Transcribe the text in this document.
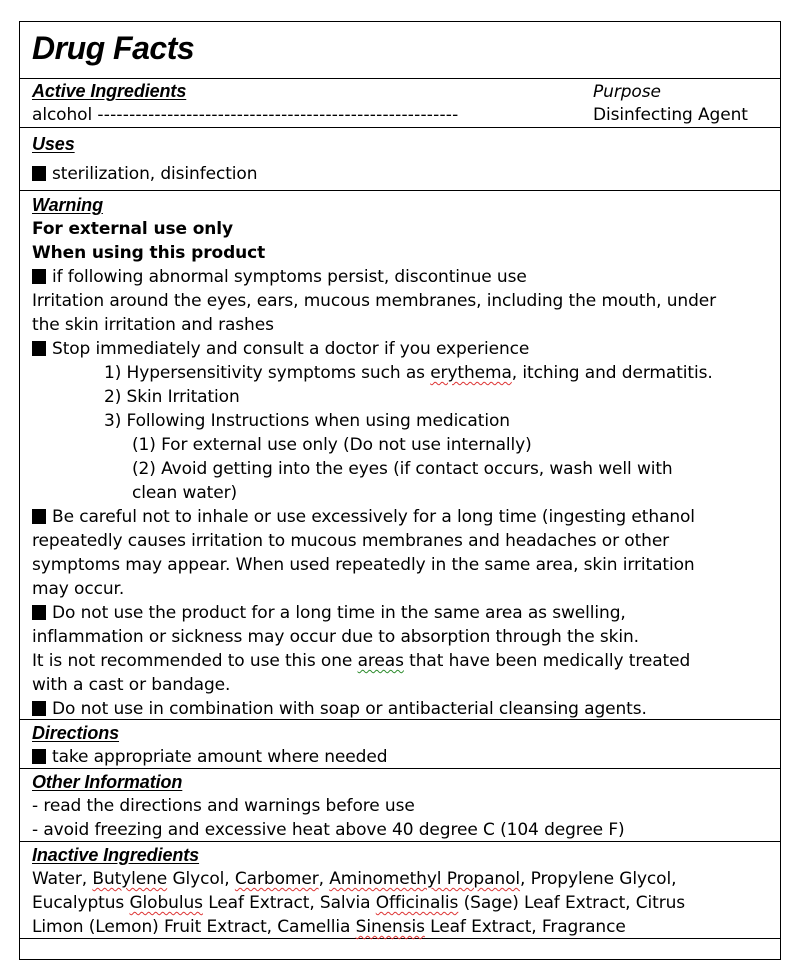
Drug Facts
Active Ingredients	Purpose
alcohol ---------------------------------------------------------	Disinfecting Agent
Uses
sterilization, disinfection
Warning
For external use only
When using this product
if following abnormal symptoms persist, discontinue use
Irritation around the eyes, ears, mucous membranes, including the mouth, under
the skin irritation and rashes
Stop immediately and consult a doctor if you experience
1) Hypersensitivity symptoms such as erythema, itching and dermatitis.
2) Skin Irritation
3) Following Instructions when using medication
(1) For external use only (Do not use internally)
(2) Avoid getting into the eyes (if contact occurs, wash well with
clean water)
Be careful not to inhale or use excessively for a long time (ingesting ethanol
repeatedly causes irritation to mucous membranes and headaches or other
symptoms may appear. When used repeatedly in the same area, skin irritation
may occur.
Do not use the product for a long time in the same area as swelling,
inflammation or sickness may occur due to absorption through the skin.
It is not recommended to use this one areas that have been medically treated
with a cast or bandage.
Do not use in combination with soap or antibacterial cleansing agents.
Directions
take appropriate amount where needed
Other Information
- read the directions and warnings before use
- avoid freezing and excessive heat above 40 degree C (104 degree F)
Inactive Ingredients
Water, Butylene Glycol, Carbomer, Aminomethyl Propanol, Propylene Glycol,
Eucalyptus Globulus Leaf Extract, Salvia Officinalis (Sage) Leaf Extract, Citrus
Limon (Lemon) Fruit Extract, Camellia Sinensis Leaf Extract, Fragrance
